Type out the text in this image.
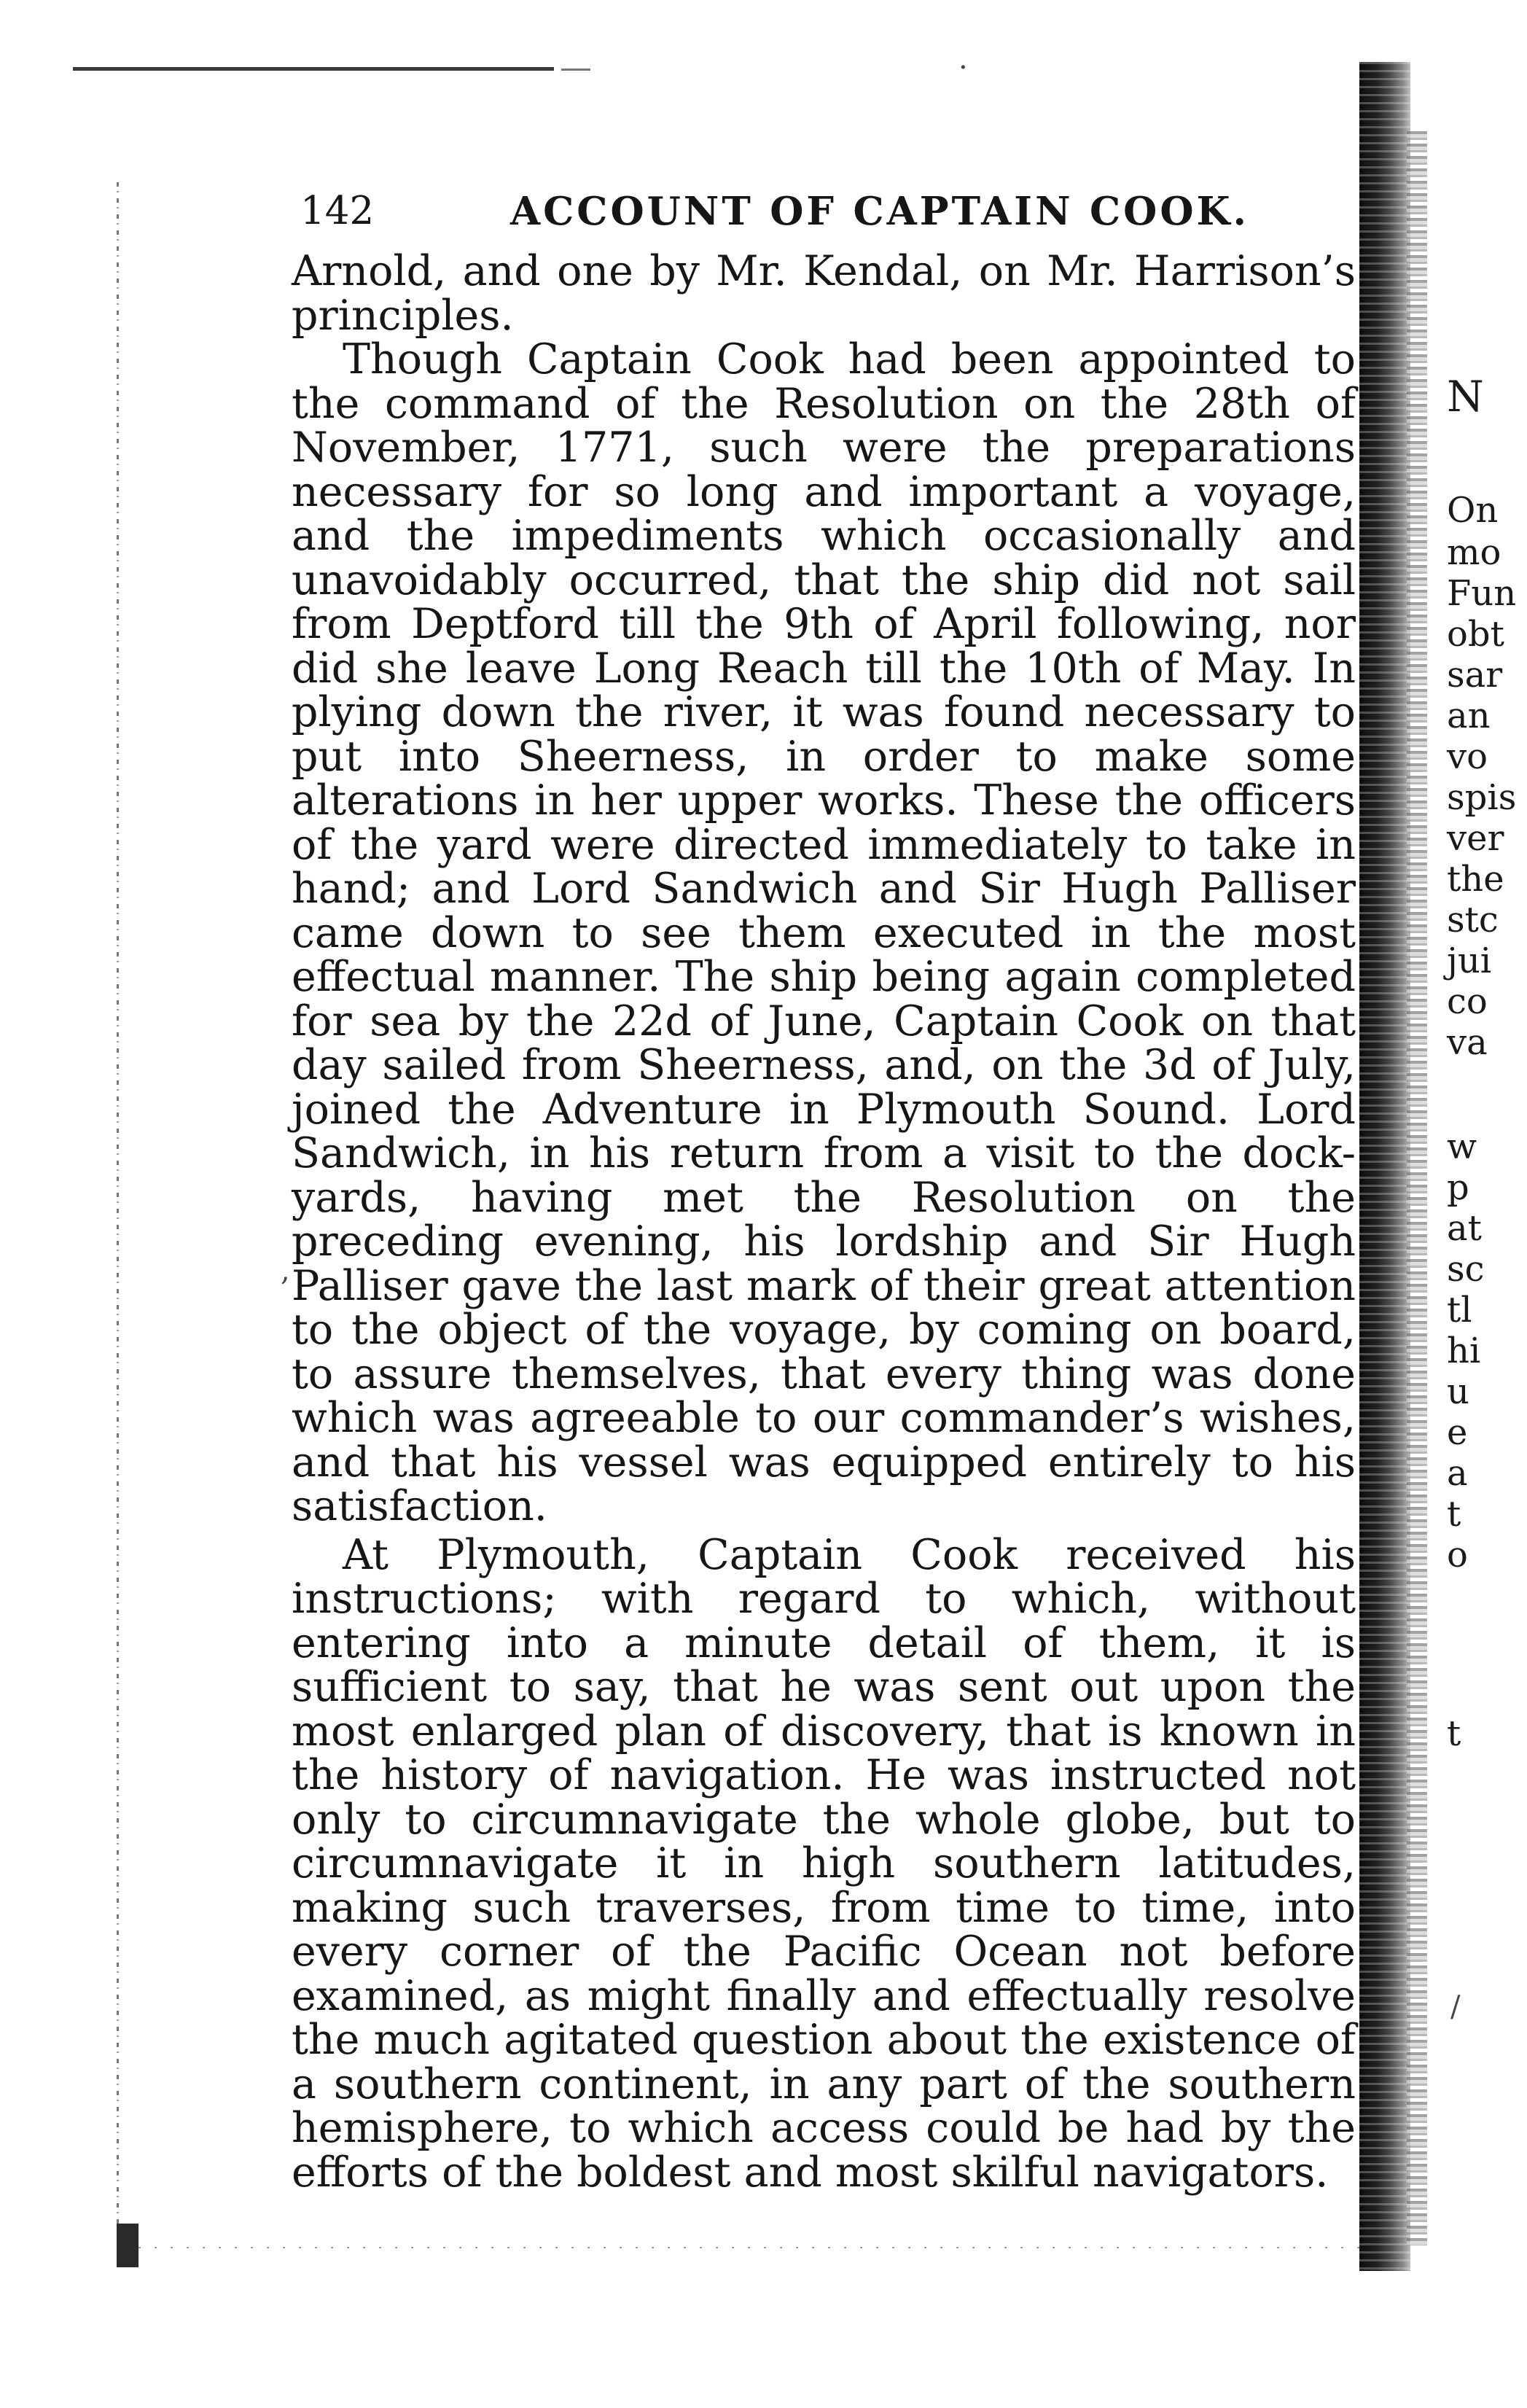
142	ACCOUNT OF CAPTAIN COOK.

Arnold, and one by Mr. Kendal, on Mr. Harrison’s principles.

Though Captain Cook had been appointed to the command of the Resolution on the 28th of November, 1771, such were the preparations necessary for so long and important a voyage, and the impediments which occasionally and unavoidably occurred, that the ship did not sail from Deptford till the 9th of April following, nor did she leave Long Reach till the 10th of May. In plying down the river, it was found necessary to put into Sheerness, in order to make some alterations in her upper works. These the officers of the yard were directed immediately to take in hand; and Lord Sandwich and Sir Hugh Palliser came down to see them executed in the most effectual manner. The ship being again completed for sea by the 22d of June, Captain Cook on that day sailed from Sheerness, and, on the 3d of July, joined the Adventure in Plymouth Sound. Lord Sandwich, in his return from a visit to the dock-yards, having met the Resolution on the preceding evening, his lordship and Sir Hugh Palliser gave the last mark of their great attention to the object of the voyage, by coming on board, to assure themselves, that every thing was done which was agreeable to our commander’s wishes, and that his vessel was equipped entirely to his satisfaction.

At Plymouth, Captain Cook received his instructions; with regard to which, without entering into a minute detail of them, it is sufficient to say, that he was sent out upon the most enlarged plan of discovery, that is known in the history of navigation. He was instructed not only to circumnavigate the whole globe, but to circumnavigate it in high southern latitudes, making such traverses, from time to time, into every corner of the Pacific Ocean not before examined, as might finally and effectually resolve the much agitated question about the existence of a southern continent, in any part of the southern hemisphere, to which access could be had by the efforts of the boldest and most skilful navigators.

N
On
mo
Fun
obt
sar
an
vo
spis
ver
the
stc
jui
co
va
w
p
at
sc
tl
hi
u
e
a
t
o
t
·
/
,
